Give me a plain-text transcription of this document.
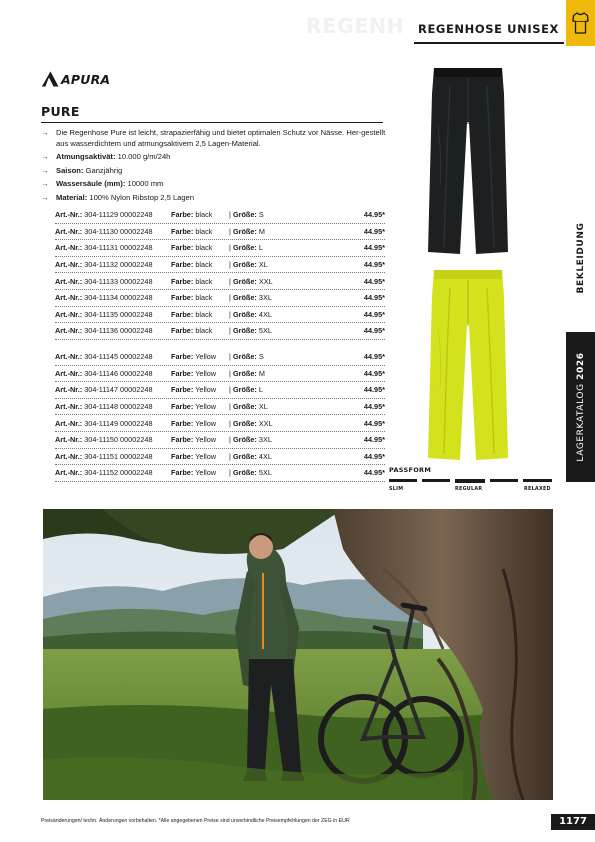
REGENH	REGENHOSE UNISEX
BEKLEIDUNG
LAGERKATALOG 2026
APURA
PURE
→ Die Regenhose Pure ist leicht, strapazierfähig und bietet optimalen Schutz vor Nässe. Her-gestellt aus wasserdichtem und atmungsaktivem 2,5 Lagen-Material.
→ Atmungsaktivät: 10.000 g/m/24h
→ Saison: Ganzjährig
→ Wassersäule (mm): 10000 mm
→ Material: 100% Nylon Ribstop 2,5 Lagen
Art.-Nr.: 304-11129 00002248	Farbe: black	| Größe: S	44.95*
Art.-Nr.: 304-11130 00002248	Farbe: black	| Größe: M	44.95*
Art.-Nr.: 304-11131 00002248	Farbe: black	| Größe: L	44.95*
Art.-Nr.: 304-11132 00002248	Farbe: black	| Größe: XL	44.95*
Art.-Nr.: 304-11133 00002248	Farbe: black	| Größe: XXL	44.95*
Art.-Nr.: 304-11134 00002248	Farbe: black	| Größe: 3XL	44.95*
Art.-Nr.: 304-11135 00002248	Farbe: black	| Größe: 4XL	44.95*
Art.-Nr.: 304-11136 00002248	Farbe: black	| Größe: 5XL	44.95*
Art.-Nr.: 304-11145 00002248	Farbe: Yellow	| Größe: S	44.95*
Art.-Nr.: 304-11146 00002248	Farbe: Yellow	| Größe: M	44.95*
Art.-Nr.: 304-11147 00002248	Farbe: Yellow	| Größe: L	44.95*
Art.-Nr.: 304-11148 00002248	Farbe: Yellow	| Größe: XL	44.95*
Art.-Nr.: 304-11149 00002248	Farbe: Yellow	| Größe: XXL	44.95*
Art.-Nr.: 304-11150 00002248	Farbe: Yellow	| Größe: 3XL	44.95*
Art.-Nr.: 304-11151 00002248	Farbe: Yellow	| Größe: 4XL	44.95*
Art.-Nr.: 304-11152 00002248	Farbe: Yellow	| Größe: 5XL	44.95* PASSFORM
SLIM	REGULAR	RELAXED
Preisänderungen/ techn. Änderungen vorbehalten. *Alle angegebenen Preise sind unverbindliche Preisempfehlungen der ZEG in EUR	1177
